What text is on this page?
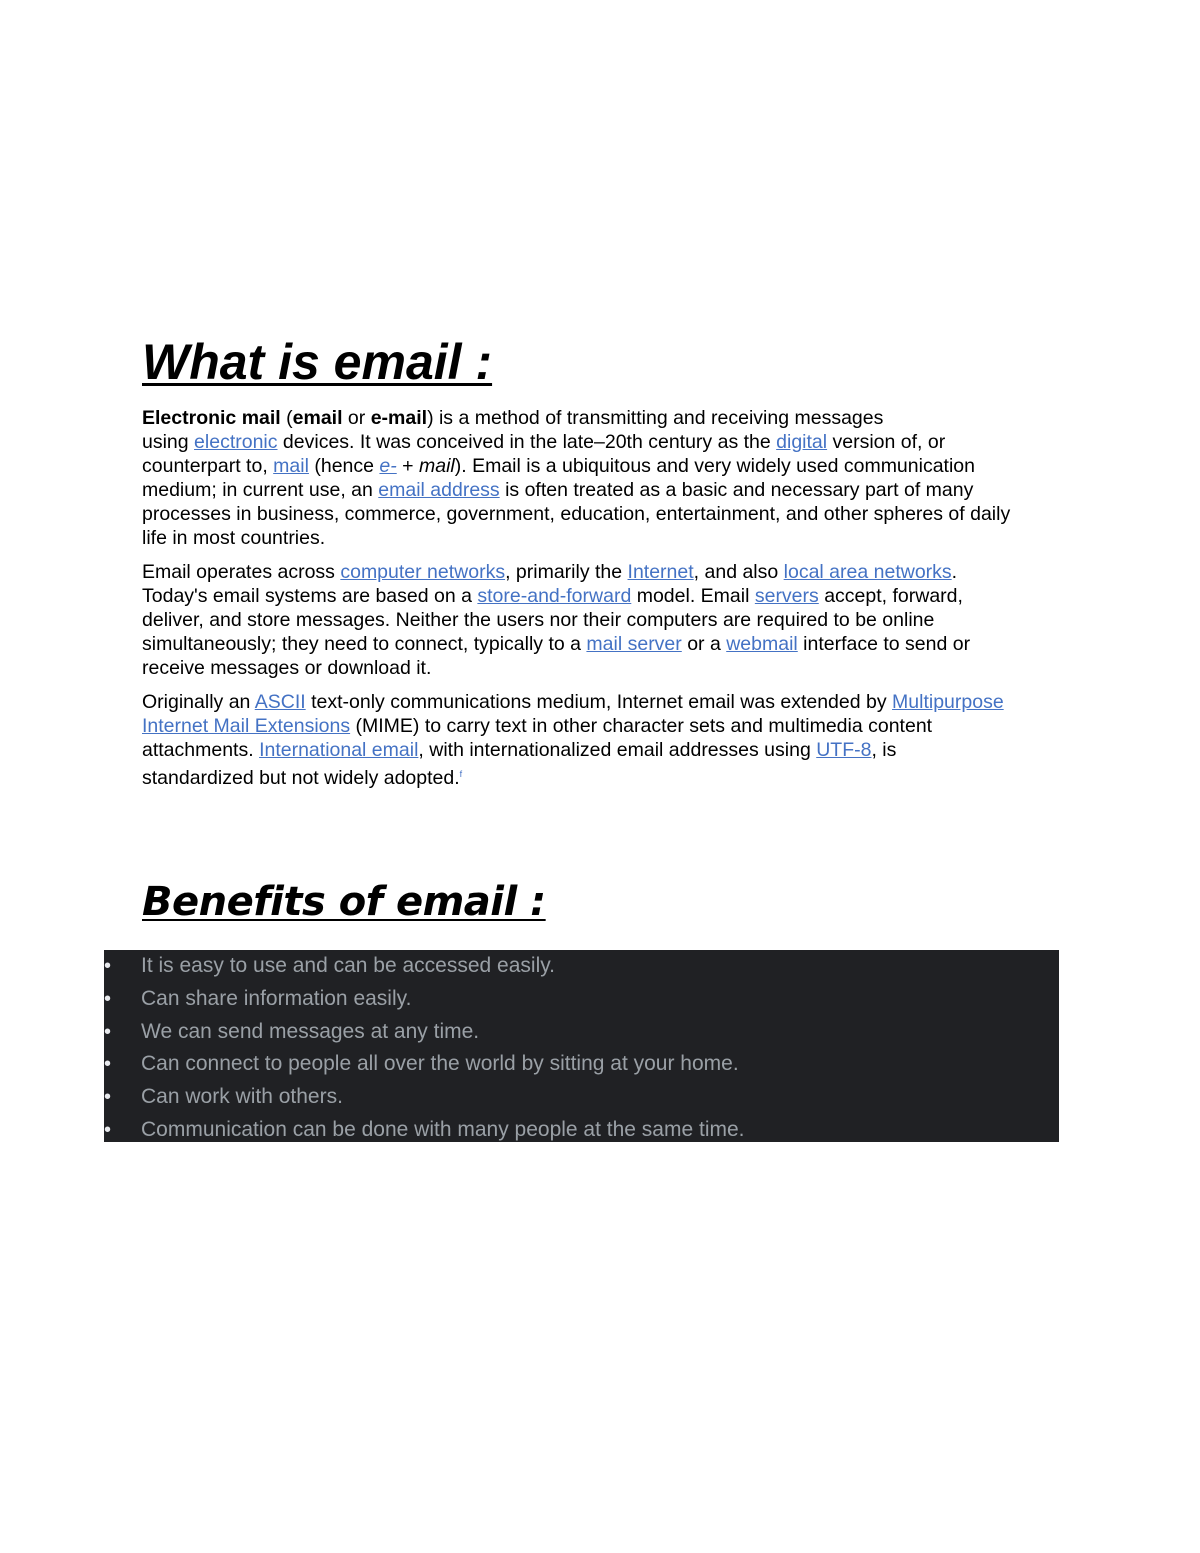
What is email :

Electronic mail (email or e-mail) is a method of transmitting and receiving messages
using electronic devices. It was conceived in the late–20th century as the digital version of, or
counterpart to, mail (hence e- + mail). Email is a ubiquitous and very widely used communication
medium; in current use, an email address is often treated as a basic and necessary part of many
processes in business, commerce, government, education, entertainment, and other spheres of daily
life in most countries.

Email operates across computer networks, primarily the Internet, and also local area networks.
Today's email systems are based on a store-and-forward model. Email servers accept, forward,
deliver, and store messages. Neither the users nor their computers are required to be online
simultaneously; they need to connect, typically to a mail server or a webmail interface to send or
receive messages or download it.

Originally an ASCII text-only communications medium, Internet email was extended by Multipurpose
Internet Mail Extensions (MIME) to carry text in other character sets and multimedia content
attachments. International email, with internationalized email addresses using UTF-8, is
standardized but not widely adopted.$^f$

Benefits of email :
•	It is easy to use and can be accessed easily.
•	Can share information easily.
•	We can send messages at any time.
•	Can connect to people all over the world by sitting at your home.
•	Can work with others.
•	Communication can be done with many people at the same time.
